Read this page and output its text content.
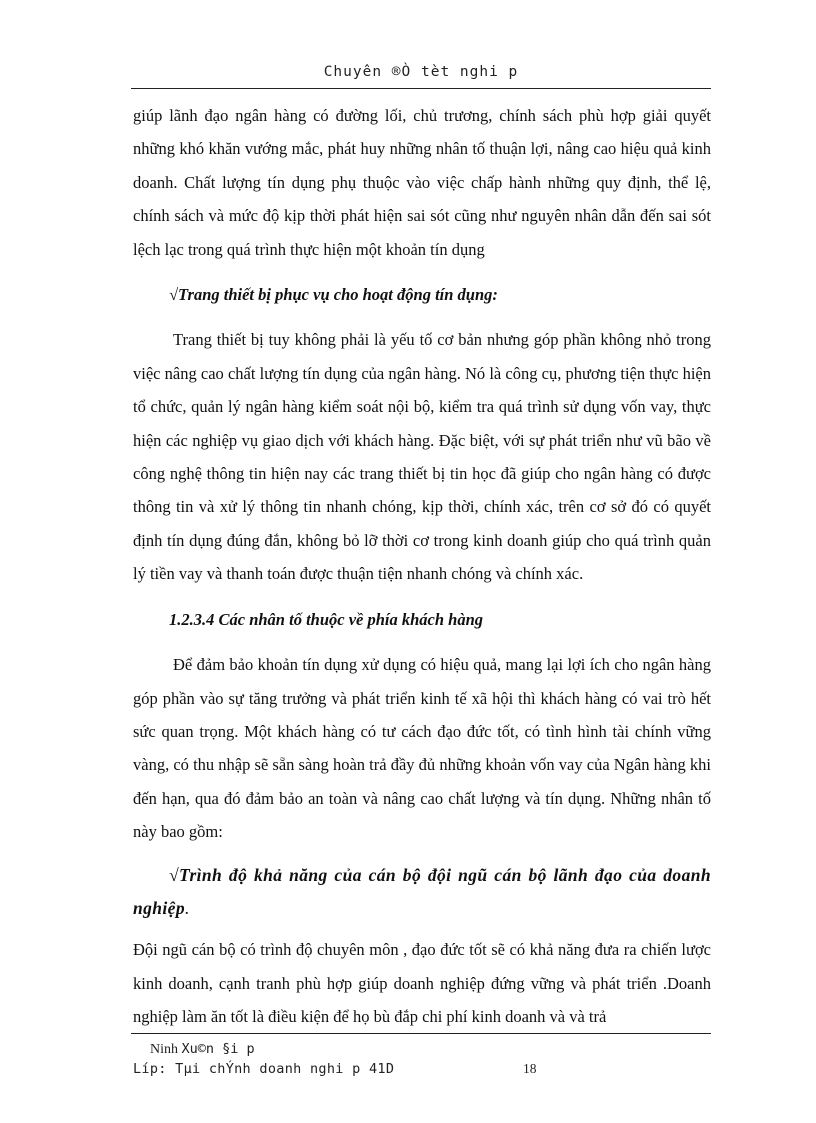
Chuyên ®Ò tèt nghi p

giúp lãnh đạo ngân hàng có đường lối, chủ trương, chính sách phù hợp giải quyết những khó khăn vướng mắc, phát huy những nhân tố thuận lợi, nâng cao hiệu quả kinh doanh. Chất lượng tín dụng phụ thuộc vào việc chấp hành những quy định, thể lệ, chính sách và mức độ kịp thời phát hiện sai sót cũng như nguyên nhân dẫn đến sai sót lệch lạc trong quá trình thực hiện một khoản tín dụng

√Trang thiết bị phục vụ cho hoạt động tín dụng:

Trang thiết bị tuy không phải là yếu tố cơ bản nhưng góp phần không nhỏ trong việc nâng cao chất lượng tín dụng của ngân hàng. Nó là công cụ, phương tiện thực hiện tổ chức, quản lý ngân hàng kiểm soát nội bộ, kiểm tra quá trình sử dụng vốn vay, thực hiện các nghiệp vụ giao dịch với khách hàng. Đặc biệt, với sự phát triển như vũ bão về công nghệ thông tin hiện nay các trang thiết bị tin học đã giúp cho ngân hàng có được thông tin và xử lý thông tin nhanh chóng, kịp thời, chính xác, trên cơ sở đó có quyết định tín dụng đúng đắn, không bỏ lỡ thời cơ trong kinh doanh giúp cho quá trình quản lý tiền vay và thanh toán được thuận tiện nhanh chóng và chính xác.

1.2.3.4 Các nhân tố thuộc về phía khách hàng

Để đảm bảo khoản tín dụng xử dụng có hiệu quả, mang lại lợi ích cho ngân hàng góp phần vào sự tăng trưởng và phát triển kinh tế xã hội thì khách hàng có vai trò hết sức quan trọng. Một khách hàng có tư cách đạo đức tốt, có tình hình tài chính vững vàng, có thu nhập sẽ sẵn sàng hoàn trả đầy đủ những khoản vốn vay của Ngân hàng khi đến hạn, qua đó đảm bảo an toàn và nâng cao chất lượng và tín dụng. Những nhân tố này bao gồm:

√Trình độ khả năng của cán bộ đội ngũ cán bộ lãnh đạo của doanh nghiệp.

Đội ngũ cán bộ có trình độ chuyên môn , đạo đức tốt sẽ có khả năng đưa ra chiến lược kinh doanh, cạnh tranh phù hợp giúp doanh nghiệp đứng vững và phát triển .Doanh nghiệp làm ăn tốt là điều kiện để họ bù đắp chi phí kinh doanh và và trả

Ninh Xu©n §i p
Líp: Tµi chÝnh doanh nghi p 41D	18
